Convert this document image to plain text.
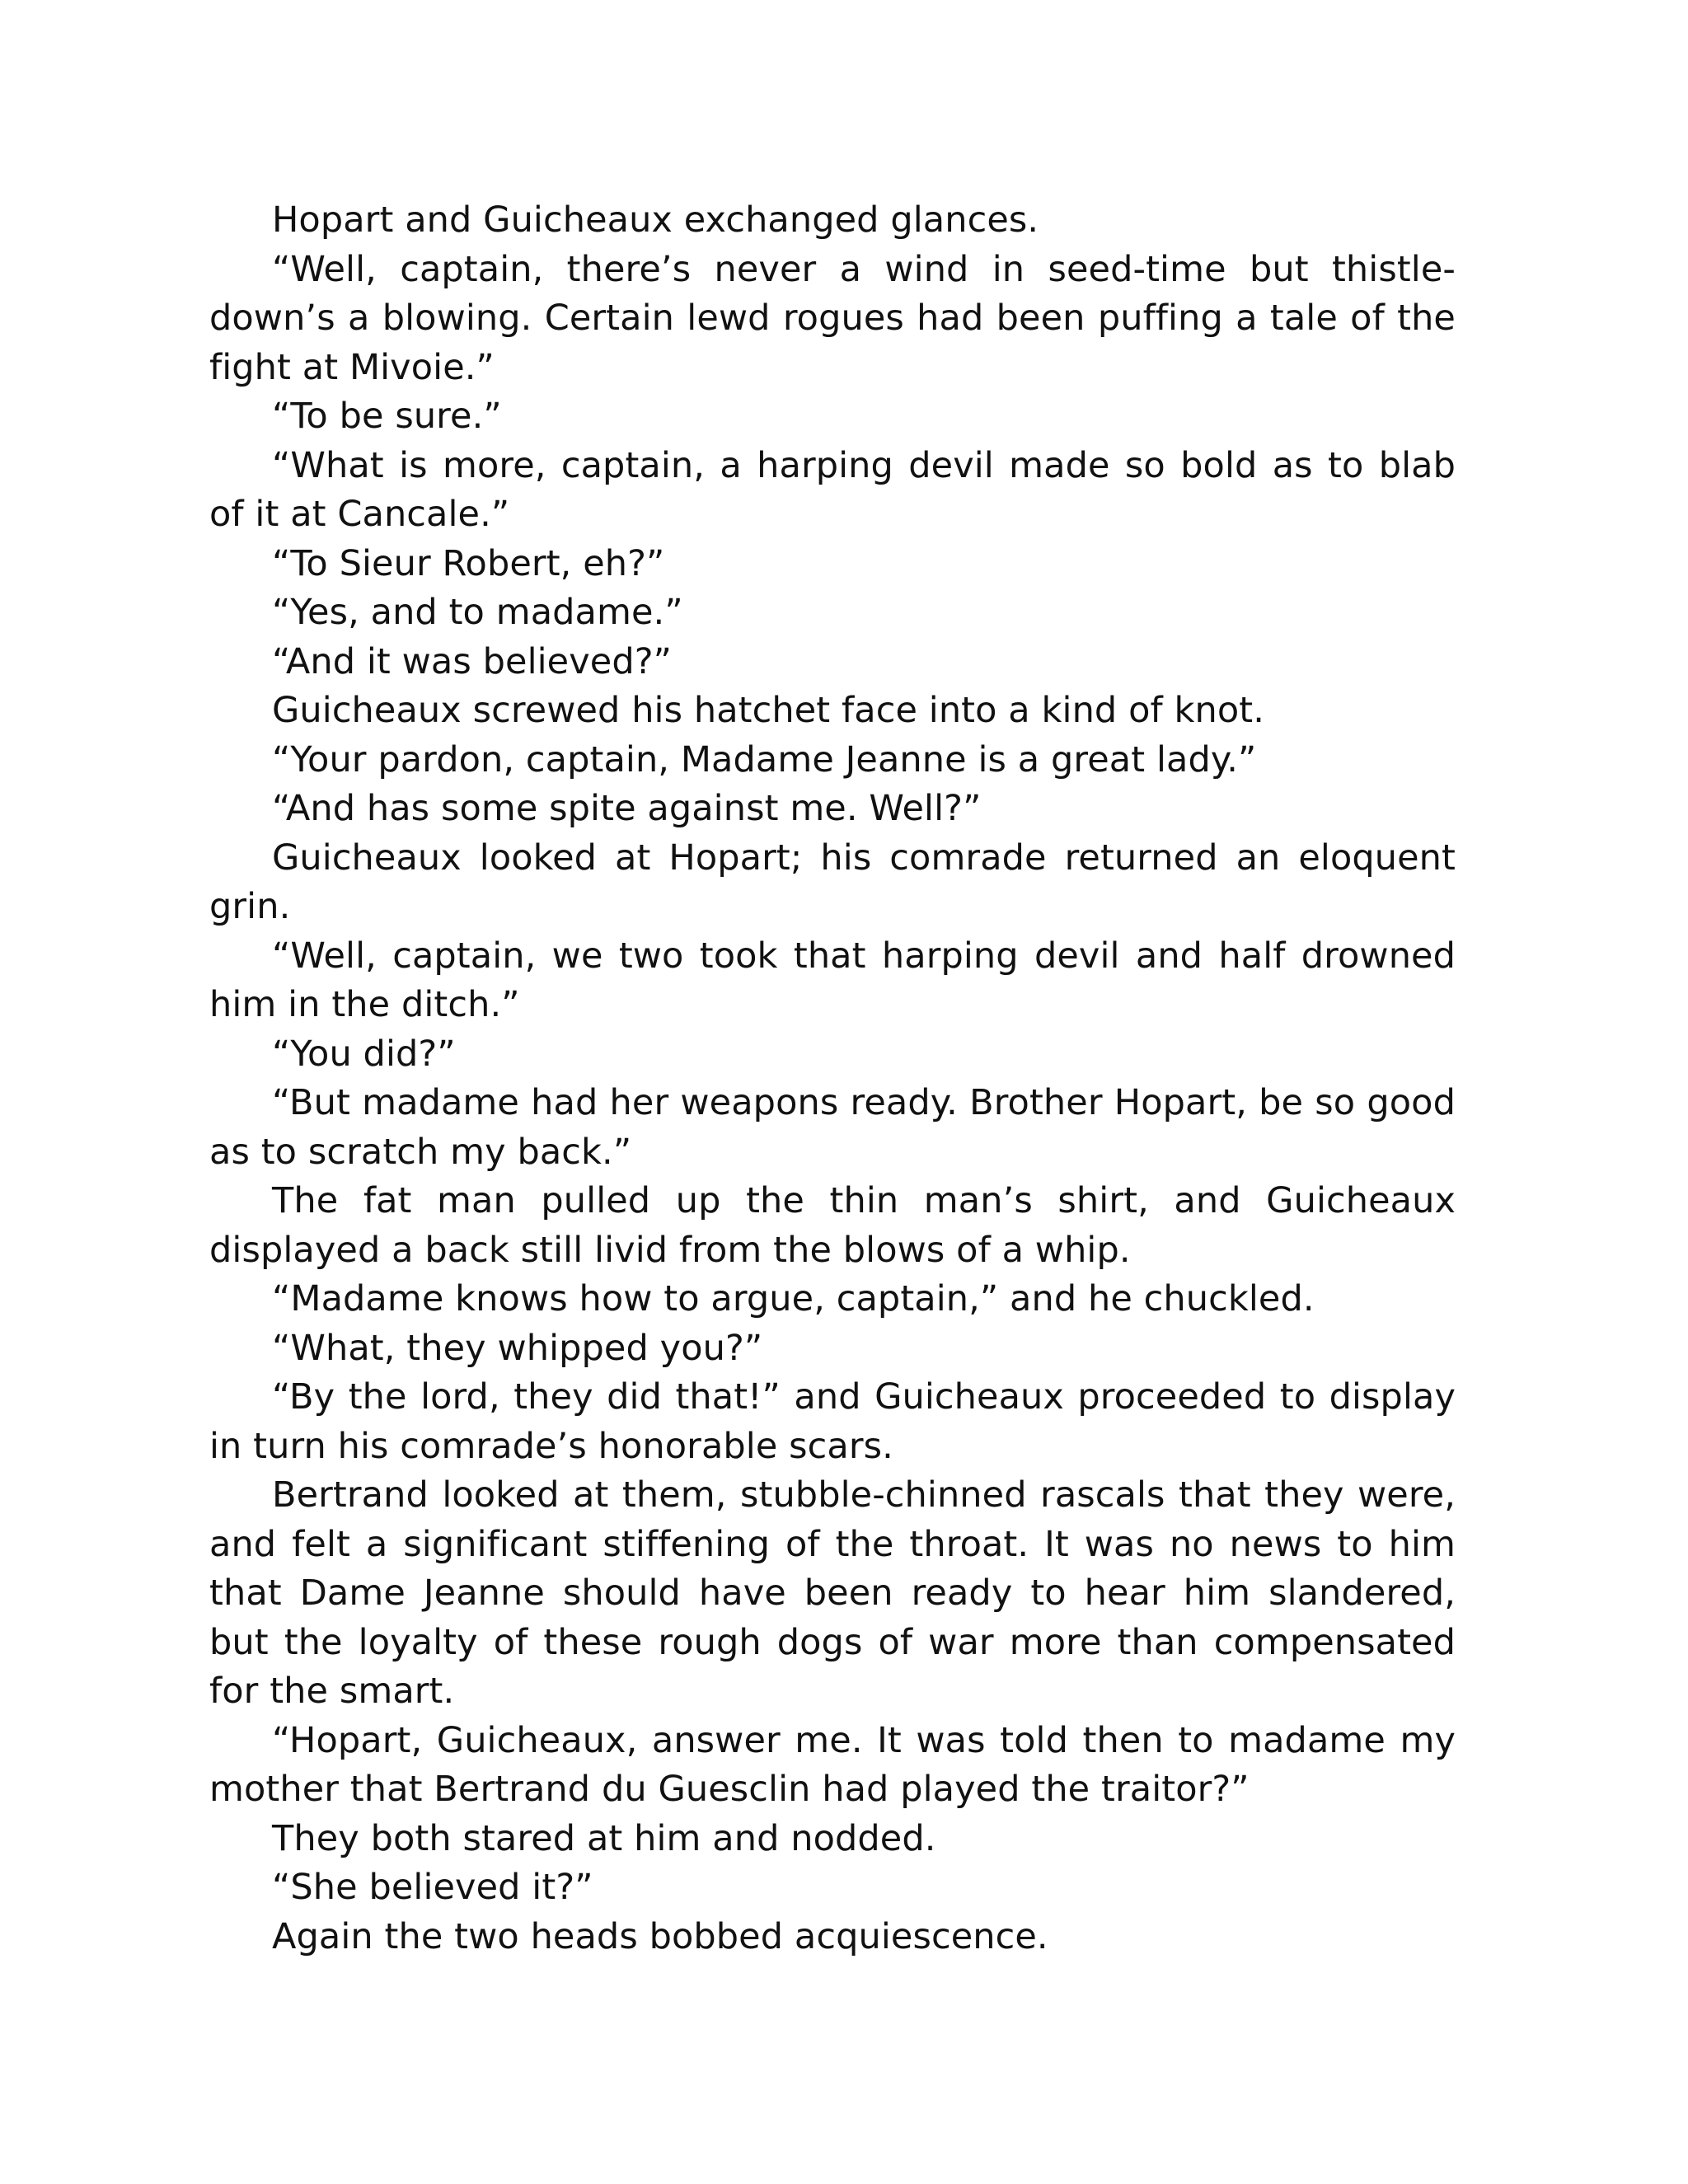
Hopart and Guicheaux exchanged glances.

“Well, captain, there’s never a wind in seed-time but thistle-down’s a blowing. Certain lewd rogues had been puffing a tale of the fight at Mivoie.”

“To be sure.”

“What is more, captain, a harping devil made so bold as to blab of it at Cancale.”

“To Sieur Robert, eh?”

“Yes, and to madame.”

“And it was believed?”

Guicheaux screwed his hatchet face into a kind of knot.

“Your pardon, captain, Madame Jeanne is a great lady.”

“And has some spite against me. Well?”

Guicheaux looked at Hopart; his comrade returned an eloquent grin.

“Well, captain, we two took that harping devil and half drowned him in the ditch.”

“You did?”

“But madame had her weapons ready. Brother Hopart, be so good as to scratch my back.”

The fat man pulled up the thin man’s shirt, and Guicheaux displayed a back still livid from the blows of a whip.

“Madame knows how to argue, captain,” and he chuckled.

“What, they whipped you?”

“By the lord, they did that!” and Guicheaux proceeded to display in turn his comrade’s honorable scars.

Bertrand looked at them, stubble-chinned rascals that they were, and felt a significant stiffening of the throat. It was no news to him that Dame Jeanne should have been ready to hear him slandered, but the loyalty of these rough dogs of war more than compensated for the smart.

“Hopart, Guicheaux, answer me. It was told then to madame my mother that Bertrand du Guesclin had played the traitor?”

They both stared at him and nodded.

“She believed it?”

Again the two heads bobbed acquiescence.
